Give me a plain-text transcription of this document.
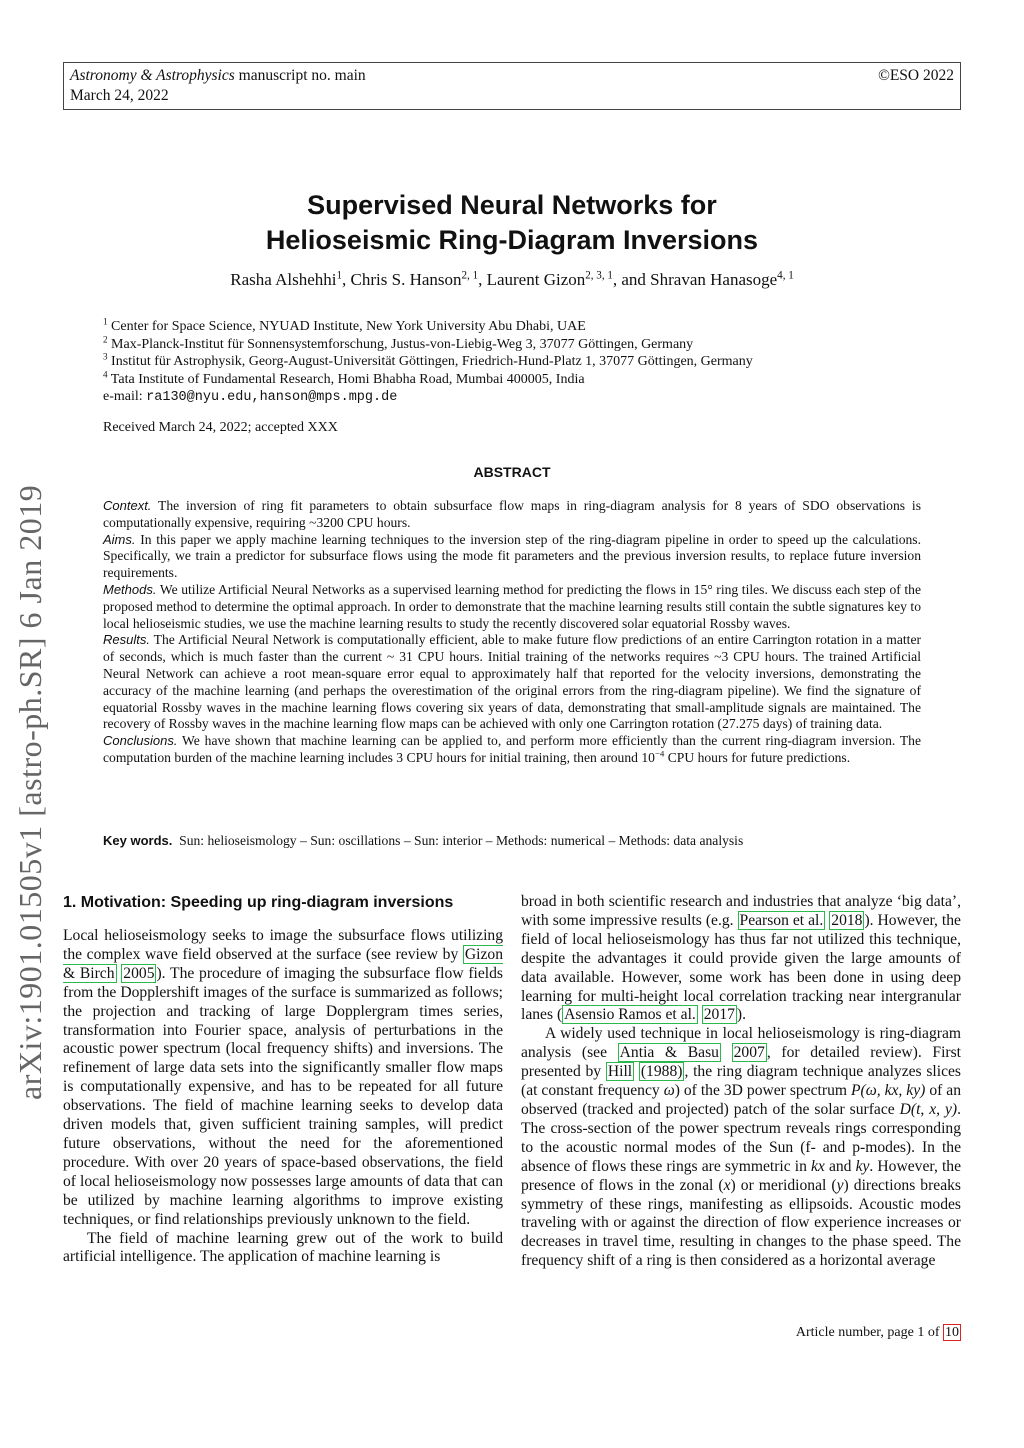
Astronomy & Astrophysics manuscript no. main
March 24, 2022
©ESO 2022
arXiv:1901.01505v1 [astro-ph.SR] 6 Jan 2019
Supervised Neural Networks for
Helioseismic Ring-Diagram Inversions
Rasha Alshehhi$^1$, Chris S. Hanson$^{2, 1}$, Laurent Gizon$^{2, 3, 1}$, and Shravan Hanasoge$^{4, 1}$
$^1$ Center for Space Science, NYUAD Institute, New York University Abu Dhabi, UAE
$^2$ Max-Planck-Institut für Sonnensystemforschung, Justus-von-Liebig-Weg 3, 37077 Göttingen, Germany
$^3$ Institut für Astrophysik, Georg-August-Universität Göttingen, Friedrich-Hund-Platz 1, 37077 Göttingen, Germany
$^4$ Tata Institute of Fundamental Research, Homi Bhabha Road, Mumbai 400005, India
e-mail: ra130@nyu.edu,hanson@mps.mpg.de
Received March 24, 2022; accepted XXX
ABSTRACT

Context. The inversion of ring fit parameters to obtain subsurface flow maps in ring-diagram analysis for 8 years of SDO observations is computationally expensive, requiring ~3200 CPU hours.

Aims. In this paper we apply machine learning techniques to the inversion step of the ring-diagram pipeline in order to speed up the calculations. Specifically, we train a predictor for subsurface flows using the mode fit parameters and the previous inversion results, to replace future inversion requirements.

Methods. We utilize Artificial Neural Networks as a supervised learning method for predicting the flows in 15° ring tiles. We discuss each step of the proposed method to determine the optimal approach. In order to demonstrate that the machine learning results still contain the subtle signatures key to local helioseismic studies, we use the machine learning results to study the recently discovered solar equatorial Rossby waves.

Results. The Artificial Neural Network is computationally efficient, able to make future flow predictions of an entire Carrington rotation in a matter of seconds, which is much faster than the current ~ 31 CPU hours. Initial training of the networks requires ~3 CPU hours. The trained Artificial Neural Network can achieve a root mean-square error equal to approximately half that reported for the velocity inversions, demonstrating the accuracy of the machine learning (and perhaps the overestimation of the original errors from the ring-diagram pipeline). We find the signature of equatorial Rossby waves in the machine learning flows covering six years of data, demonstrating that small-amplitude signals are maintained. The recovery of Rossby waves in the machine learning flow maps can be achieved with only one Carrington rotation (27.275 days) of training data.

Conclusions. We have shown that machine learning can be applied to, and perform more efficiently than the current ring-diagram inversion. The computation burden of the machine learning includes 3 CPU hours for initial training, then around $10^{-4}$ CPU hours for future predictions.

Key words. Sun: helioseismology – Sun: oscillations – Sun: interior – Methods: numerical – Methods: data analysis
1. Motivation: Speeding up ring-diagram inversions

Local helioseismology seeks to image the subsurface flows utilizing the complex wave field observed at the surface (see review by Gizon & Birch 2005 ). The procedure of imaging the subsurface flow fields from the Dopplershift images of the surface is summarized as follows; the projection and tracking of large Dopplergram times series, transformation into Fourier space, analysis of perturbations in the acoustic power spectrum (local frequency shifts) and inversions. The refinement of large data sets into the significantly smaller flow maps is computationally expensive, and has to be repeated for all future observations. The field of machine learning seeks to develop data driven models that, given sufficient training samples, will predict future observations, without the need for the aforementioned procedure. With over 20 years of space-based observations, the field of local helioseismology now possesses large amounts of data that can be utilized by machine learning algorithms to improve existing techniques, or find relationships previously unknown to the field.

The field of machine learning grew out of the work to build artificial intelligence. The application of machine learning is

broad in both scientific research and industries that analyze ‘big data’, with some impressive results (e.g. Pearson et al. 2018 ). However, the field of local helioseismology has thus far not utilized this technique, despite the advantages it could provide given the large amounts of data available. However, some work has been done in using deep learning for multi-height local correlation tracking near intergranular lanes ( Asensio Ramos et al. 2017 ).

A widely used technique in local helioseismology is ring-diagram analysis (see Antia & Basu 2007 , for detailed review). First presented by Hill (1988) , the ring diagram technique analyzes slices (at constant frequency ω) of the 3D power spectrum P(ω, kx, ky) of an observed (tracked and projected) patch of the solar surface D(t, x, y). The cross-section of the power spectrum reveals rings corresponding to the acoustic normal modes of the Sun (f- and p-modes). In the absence of flows these rings are symmetric in kx and ky. However, the presence of flows in the zonal (x) or meridional (y) directions breaks symmetry of these rings, manifesting as ellipsoids. Acoustic modes traveling with or against the direction of flow experience increases or decreases in travel time, resulting in changes to the phase speed. The frequency shift of a ring is then considered as a horizontal average

Article number, page 1 of 10
